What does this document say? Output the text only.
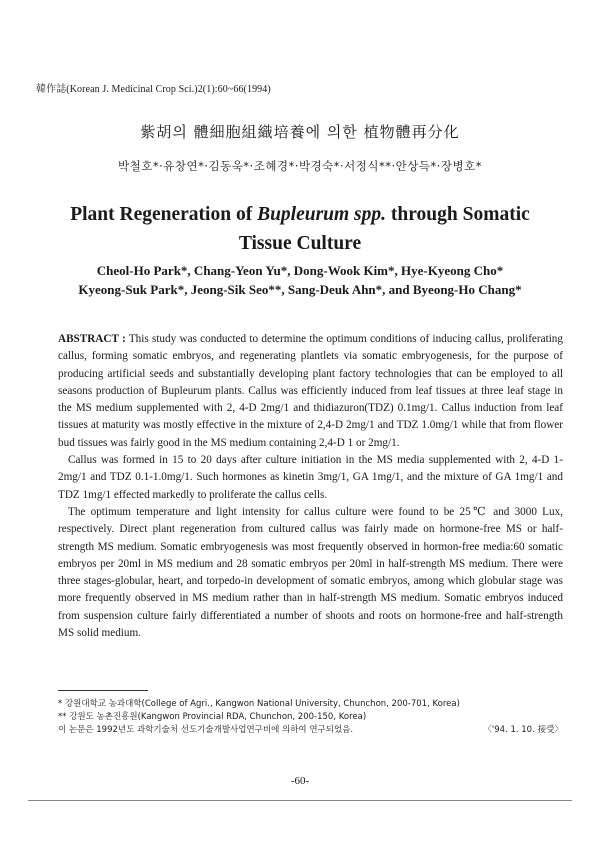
韓作誌(Korean J. Medicinal Crop Sci.)2(1):60~66(1994)
紫胡의 體細胞組織培養에 의한 植物體再分化
박철호*·유창연*·김동욱*·조혜경*·박경숙*·서정식**·안상득*·장병호*
Plant Regeneration of Bupleurum spp. through Somatic
Tissue Culture
Cheol-Ho Park*, Chang-Yeon Yu*, Dong-Wook Kim*, Hye-Kyeong Cho*
Kyeong-Suk Park*, Jeong-Sik Seo**, Sang-Deuk Ahn*, and Byeong-Ho Chang*

ABSTRACT : This study was conducted to determine the optimum conditions of inducing callus, proliferating callus, forming somatic embryos, and regenerating plantlets via somatic embryogenesis, for the purpose of producing artificial seeds and substantially developing plant factory technologies that can be employed to all seasons production of Bupleurum plants. Callus was efficiently induced from leaf tissues at three leaf stage in the MS medium supplemented with 2, 4-D 2mg/1 and thidiazuron(TDZ) 0.1mg/1. Callus induction from leaf tissues at maturity was mostly effective in the mixture of 2,4-D 2mg/1 and TDZ 1.0mg/1 while that from flower bud tissues was fairly good in the MS medium containing 2,4-D 1 or 2mg/1.

Callus was formed in 15 to 20 days after culture initiation in the MS media supplemented with 2, 4-D 1-2mg/1 and TDZ 0.1-1.0mg/1. Such hormones as kinetin 3mg/1, GA 1mg/1, and the mixture of GA 1mg/1 and TDZ 1mg/1 effected markedly to proliferate the callus cells.

The optimum temperature and light intensity for callus culture were found to be 25℃ and 3000 Lux, respectively. Direct plant regeneration from cultured callus was fairly made on hormone-free MS or half-strength MS medium. Somatic embryogenesis was most frequently observed in hormon-free media:60 somatic embryos per 20ml in MS medium and 28 somatic embryos per 20ml in half-strength MS medium. There were three stages-globular, heart, and torpedo-in development of somatic embryos, among which globular stage was more frequently observed in MS medium rather than in half-strength MS medium. Somatic embryos induced from suspension culture fairly differentiated a number of shoots and roots on hormone-free and half-strength MS solid medium.

* 강원대학교 농과대학(College of Agri., Kangwon National University, Chunchon, 200-701, Korea)
** 강원도 농촌진흥원(Kangwon Provincial RDA, Chunchon, 200-150, Korea)
이 논문은 1992년도 과학기술처 선도기술개발사업연구비에 의하여 연구되었음.	〈'94. 1. 10. 接受〉
-60-
